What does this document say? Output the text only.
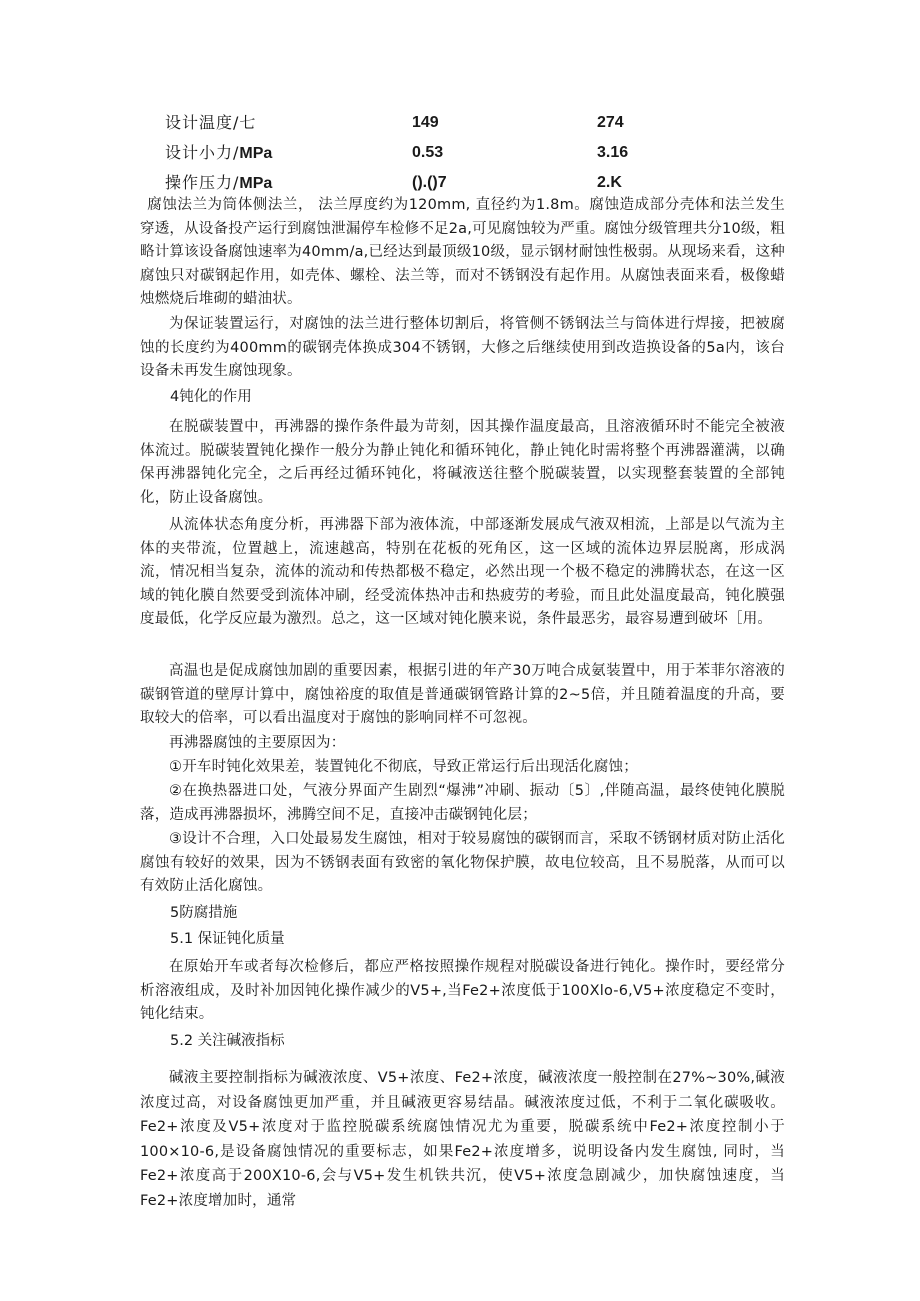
设计温度/七	149	274
设计小力/MPa	0.53	3.16
操作压力/MPa	().()7	2.K

腐蚀法兰为筒体侧法兰， 法兰厚度约为120mm, 直径约为1.8m。腐蚀造成部分壳体和法兰发生穿透，从设备投产运行到腐蚀泄漏停车检修不足2a,可见腐蚀较为严重。腐蚀分级管理共分10级，粗略计算该设备腐蚀速率为40mm/a,已经达到最顶级10级，显示钢材耐蚀性极弱。从现场来看，这种腐蚀只对碳钢起作用，如壳体、螺栓、法兰等，而对不锈钢没有起作用。从腐蚀表面来看，极像蜡烛燃烧后堆砌的蜡油状。

为保证装置运行，对腐蚀的法兰进行整体切割后，将管侧不锈钢法兰与筒体进行焊接，把被腐蚀的长度约为400mm的碳钢壳体换成304不锈钢，大修之后继续使用到改造换设备的5a内，该台设备未再发生腐蚀现象。

4钝化的作用

在脱碳装置中，再沸器的操作条件最为苛刻，因其操作温度最高，且溶液循环时不能完全被液体流过。脱碳装置钝化操作一般分为静止钝化和循环钝化，静止钝化时需将整个再沸器灌满，以确保再沸器钝化完全，之后再经过循环钝化，将碱液送往整个脱碳装置，以实现整套装置的全部钝化，防止设备腐蚀。

从流体状态角度分析，再沸器下部为液体流，中部逐渐发展成气液双相流，上部是以气流为主体的夹带流，位置越上，流速越高，特别在花板的死角区，这一区域的流体边界层脱离，形成涡流，情况相当复杂，流体的流动和传热都极不稳定，必然出现一个极不稳定的沸腾状态，在这一区域的钝化膜自然要受到流体冲刷，经受流体热冲击和热疲劳的考验，而且此处温度最高，钝化膜强度最低，化学反应最为激烈。总之，这一区域对钝化膜来说，条件最恶劣，最容易遭到破坏［用。

高温也是促成腐蚀加剧的重要因素，根据引进的年产30万吨合成氨装置中，用于苯菲尔溶液的碳钢管道的壁厚计算中，腐蚀裕度的取值是普通碳钢管路计算的2~5倍，并且随着温度的升高，要取较大的倍率，可以看出温度对于腐蚀的影响同样不可忽视。

再沸器腐蚀的主要原因为：

①开车时钝化效果差，装置钝化不彻底，导致正常运行后出现活化腐蚀；

②在换热器进口处，气液分界面产生剧烈“爆沸”冲刷、振动〔5〕,伴随高温，最终使钝化膜脱落，造成再沸器损坏，沸腾空间不足，直接冲击碳钢钝化层；

③设计不合理，入口处最易发生腐蚀，相对于较易腐蚀的碳钢而言，采取不锈钢材质对防止活化腐蚀有较好的效果，因为不锈钢表面有致密的氧化物保护膜，故电位较高，且不易脱落，从而可以有效防止活化腐蚀。

5防腐措施

5.1 保证钝化质量

在原始开车或者每次检修后，都应严格按照操作规程对脱碳设备进行钝化。操作时，要经常分析溶液组成，及时补加因钝化操作减少的V5+,当Fe2+浓度低于100Xlo-6,V5+浓度稳定不变时，钝化结束。

5.2 关注碱液指标

碱液主要控制指标为碱液浓度、V5+浓度、Fe2+浓度，碱液浓度一般控制在27%~30%,碱液浓度过高，对设备腐蚀更加严重，并且碱液更容易结晶。碱液浓度过低，不利于二氧化碳吸收。Fe2+浓度及V5+浓度对于监控脱碳系统腐蚀情况尤为重要，脱碳系统中Fe2+浓度控制小于100×10-6,是设备腐蚀情况的重要标志，如果Fe2+浓度增多，说明设备内发生腐蚀, 同时，当Fe2+浓度高于200X10-6,会与V5+发生机铁共沉，使V5+浓度急剧减少，加快腐蚀速度，当Fe2+浓度增加时，通常
